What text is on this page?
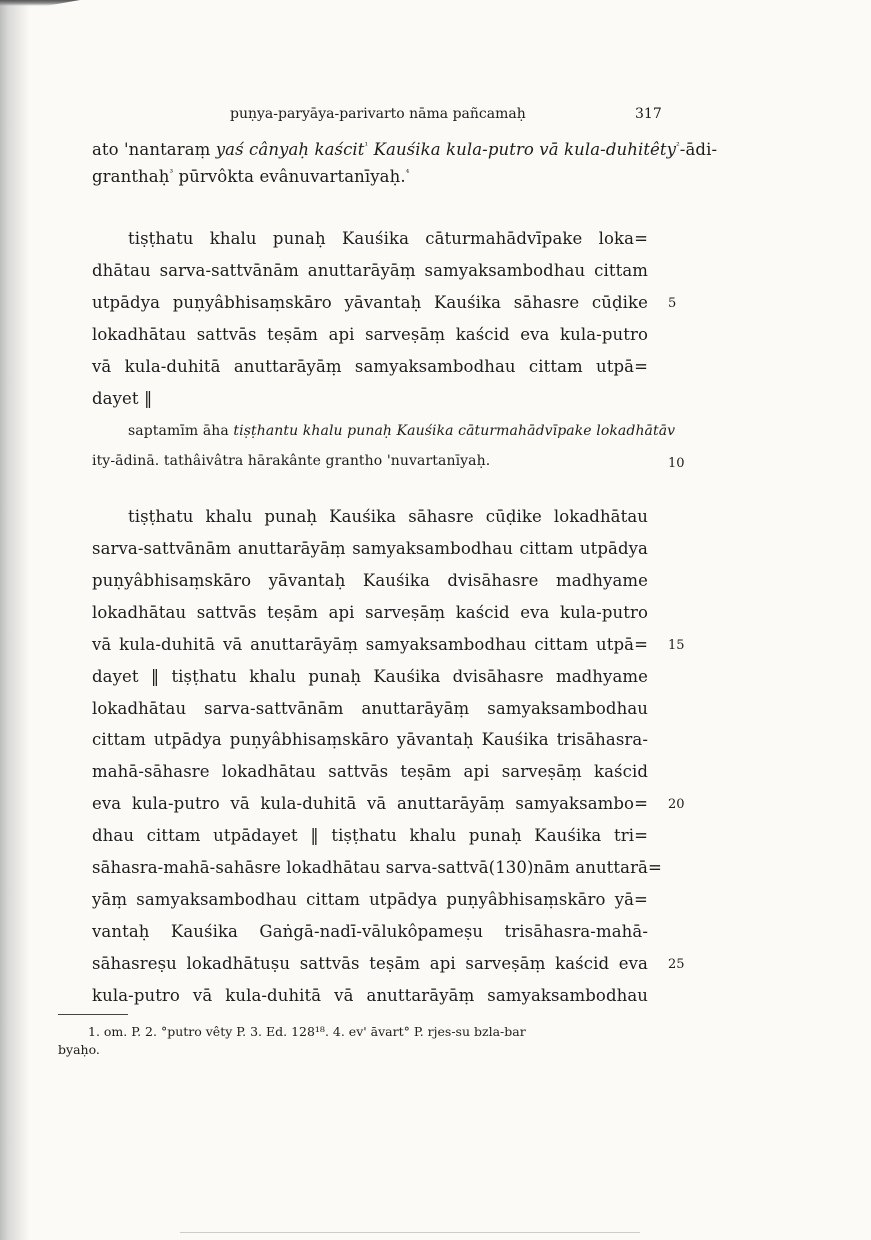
puṇya-paryāya-parivarto nāma pañcamaḥ	317
ato 'nantaraṃ yaś cânyaḥ kaścit$^{^1}$ Kauśika kula-putro vā kula-duhitêty$^{^2}$-ādi-
granthaḥ$^{^3}$ pūrvôkta evânuvartanīyaḥ.$^{^4}$
tiṣṭhatu khalu punaḥ Kauśika cāturmahādvīpake loka=
dhātau sarva-sattvānām anuttarāyāṃ samyaksambodhau cittam
utpādya puṇyâbhisaṃskāro yāvantaḥ Kauśika sāhasre cūḍike 5
lokadhātau sattvās teṣām api sarveṣāṃ kaścid eva kula-putro
vā kula-duhitā anuttarāyāṃ samyaksambodhau cittam utpā=
dayet ‖
saptamīm āha tiṣṭhantu khalu punaḥ Kauśika cāturmahādvīpake lokadhātāv
ity-ādinā. tathâivâtra hārakânte grantho 'nuvartanīyaḥ.	10
tiṣṭhatu khalu punaḥ Kauśika sāhasre cūḍike lokadhātau
sarva-sattvānām anuttarāyāṃ samyaksambodhau cittam utpādya
puṇyâbhisaṃskāro yāvantaḥ Kauśika dvisāhasre madhyame
lokadhātau sattvās teṣām api sarveṣāṃ kaścid eva kula-putro
vā kula-duhitā vā anuttarāyāṃ samyaksambodhau cittam utpā= 15
dayet ‖ tiṣṭhatu khalu punaḥ Kauśika dvisāhasre madhyame
lokadhātau sarva-sattvānām anuttarāyāṃ samyaksambodhau
cittam utpādya puṇyâbhisaṃskāro yāvantaḥ Kauśika trisāhasra-
mahā-sāhasre lokadhātau sattvās teṣām api sarveṣāṃ kaścid
eva kula-putro vā kula-duhitā vā anuttarāyāṃ samyaksambo= 20
dhau cittam utpādayet ‖ tiṣṭhatu khalu punaḥ Kauśika tri=
sāhasra-mahā-sahāsre lokadhātau sarva-sattvā(130)nām anuttarā=
yāṃ samyaksambodhau cittam utpādya puṇyâbhisaṃskāro yā=
vantaḥ Kauśika Gaṅgā-nadī-vālukôpameṣu trisāhasra-mahā-
sāhasreṣu lokadhātuṣu sattvās teṣām api sarveṣāṃ kaścid eva 25
kula-putro vā kula-duhitā vā anuttarāyāṃ samyaksambodhau
1. om. P. 2. °putro vêty P. 3. Ed. 128¹⁸. 4. ev' āvart° P. rjes-su bzla-bar
byaḥo.
